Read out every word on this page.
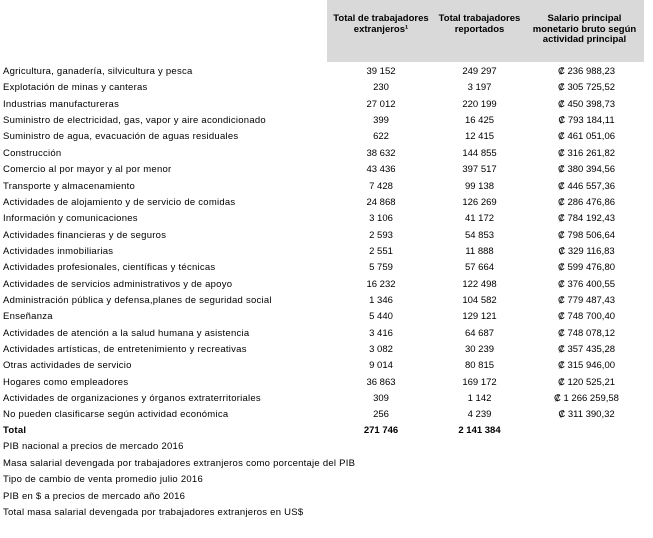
Total de trabajadores extranjeros¹
Total trabajadores reportados
Salario principal monetario bruto según actividad principal
Agricultura, ganadería, silvicultura y pesca	39 152	249 297	₡ 236 988,23
Explotación de minas y canteras	230	3 197	₡ 305 725,52
Industrias manufactureras	27 012	220 199	₡ 450 398,73
Suministro de electricidad, gas, vapor y aire acondicionado	399	16 425	₡ 793 184,11
Suministro de agua, evacuación de aguas residuales	622	12 415	₡ 461 051,06
Construcción	38 632	144 855	₡ 316 261,82
Comercio al por mayor y al por menor	43 436	397 517	₡ 380 394,56
Transporte y almacenamiento	7 428	99 138	₡ 446 557,36
Actividades de alojamiento y de servicio de comidas	24 868	126 269	₡ 286 476,86
Información y comunicaciones	3 106	41 172	₡ 784 192,43
Actividades financieras y de seguros	2 593	54 853	₡ 798 506,64
Actividades inmobiliarias	2 551	11 888	₡ 329 116,83
Actividades profesionales, científicas y técnicas	5 759	57 664	₡ 599 476,80
Actividades de servicios administrativos y de apoyo	16 232	122 498	₡ 376 400,55
Administración pública y defensa,planes de seguridad social	1 346	104 582	₡ 779 487,43
Enseñanza	5 440	129 121	₡ 748 700,40
Actividades de atención a la salud humana y asistencia	3 416	64 687	₡ 748 078,12
Actividades artísticas, de entretenimiento y recreativas	3 082	30 239	₡ 357 435,28
Otras actividades de servicio	9 014	80 815	₡ 315 946,00
Hogares como empleadores	36 863	169 172	₡ 120 525,21
Actividades de organizaciones y órganos extraterritoriales	309	1 142	₡ 1 266 259,58
No pueden clasificarse según actividad económica	256	4 239	₡ 311 390,32
Total	271 746	2 141 384
PIB nacional a precios de mercado 2016
Masa salarial devengada por trabajadores extranjeros como porcentaje del PIB
Tipo de cambio de venta promedio julio 2016
PIB en $ a precios de mercado año 2016
Total masa salarial devengada por trabajadores extranjeros en US$
